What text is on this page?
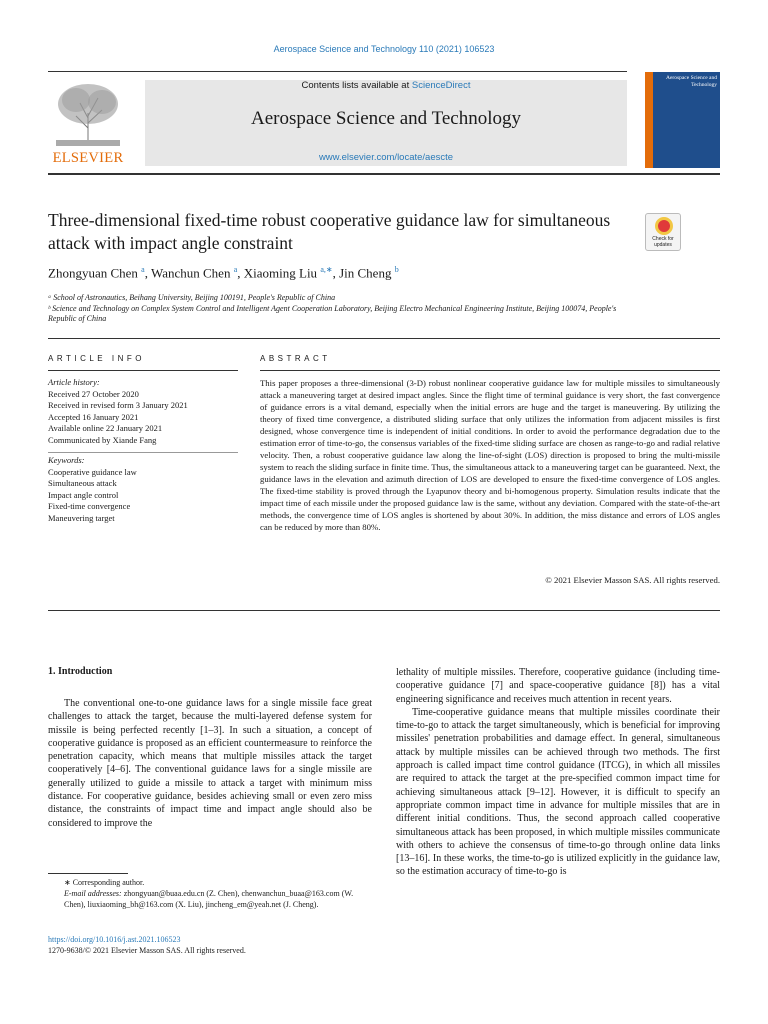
Aerospace Science and Technology 110 (2021) 106523
ELSEVIER
Contents lists available at ScienceDirect
Aerospace Science and Technology
www.elsevier.com/locate/aescte
Aerospace Science and Technology
Three-dimensional fixed-time robust cooperative guidance law for simultaneous attack with impact angle constraint	Check for updates
Zhongyuan Chen $^a$, Wanchun Chen $^a$, Xiaoming Liu $^{a,∗}$, Jin Cheng $^b$
ᵃ School of Astronautics, Beihang University, Beijing 100191, People's Republic of China
ᵇ Science and Technology on Complex System Control and Intelligent Agent Cooperation Laboratory, Beijing Electro Mechanical Engineering Institute, Beijing 100074, People's Republic of China
ARTICLE INFO	ABSTRACT
Article history:
Received 27 October 2020
Received in revised form 3 January 2021
Accepted 16 January 2021
Available online 22 January 2021
Communicated by Xiande Fang
Keywords:
Cooperative guidance law
Simultaneous attack
Impact angle control
Fixed-time convergence
Maneuvering target
This paper proposes a three-dimensional (3-D) robust nonlinear cooperative guidance law for multiple missiles to simultaneously attack a maneuvering target at desired impact angles. Since the flight time of terminal guidance is very short, the fast convergence of guidance errors is a vital demand, especially when the initial errors are huge and the target is maneuvering. By utilizing the theory of fixed time convergence, a distributed sliding surface that only utilizes the information from adjacent missiles is first designed, whose convergence time is independent of initial conditions. In order to avoid the performance degradation due to the estimation error of time-to-go, the consensus variables of the fixed-time sliding surface are chosen as range-to-go and radial relative velocity. Then, a robust cooperative guidance law along the line-of-sight (LOS) direction is proposed to bring the multi-missile system to reach the sliding surface in finite time. Thus, the simultaneous attack to a maneuvering target can be guaranteed. Next, the guidance laws in the elevation and azimuth direction of LOS are developed to ensure the fixed-time convergence of LOS angles. The fixed-time stability is proved through the Lyapunov theory and bi-homogenous property. Simulation results indicate that the impact time of each missile under the proposed guidance law is the same, without any deviation. Compared with the state-of-the-art methods, the convergence time of LOS angles is shortened by about 30%. In addition, the miss distance and errors of LOS angles can be reduced by more than 80%.
© 2021 Elsevier Masson SAS. All rights reserved.
1. Introduction

The conventional one-to-one guidance laws for a single missile face great challenges to attack the target, because the multi-layered defense system for missile is being perfected recently [1–3]. In such a situation, a concept of cooperative guidance is proposed as an efficient countermeasure to reinforce the penetration capacity, which means that multiple missiles attack the target cooperatively [4–6]. The conventional guidance laws for a single missile are generally utilized to guide a missile to attack a target with minimum miss distance. For cooperative guidance, besides achieving small or even zero miss distance, the constraints of impact time and impact angle should also be considered to improve the

lethality of multiple missiles. Therefore, cooperative guidance (including time-cooperative guidance [7] and space-cooperative guidance [8]) has a vital engineering significance and receives much attention in recent years.

Time-cooperative guidance means that multiple missiles coordinate their time-to-go to attack the target simultaneously, which is beneficial for improving missiles' penetration probabilities and damage effect. In general, simultaneous attack by multiple missiles can be achieved through two methods. The first approach is called impact time control guidance (ITCG), in which all missiles are required to attack the target at the pre-specified common impact time for achieving simultaneous attack [9–12]. However, it is difficult to specify an appropriate common impact time in advance for multiple missiles that are in different initial conditions. Thus, the second approach called cooperative simultaneous attack has been proposed, in which multiple missiles communicate with others to achieve the consensus of time-to-go through online data links [13–16]. In these works, the time-to-go is utilized explicitly in the guidance law, so the estimation accuracy of time-to-go is

∗ Corresponding author.
E-mail addresses: zhongyuan@buaa.edu.cn (Z. Chen), chenwanchun_buaa@163.com (W. Chen), liuxiaoming_bh@163.com (X. Liu), jincheng_em@yeah.net (J. Cheng).
https://doi.org/10.1016/j.ast.2021.106523
1270-9638/© 2021 Elsevier Masson SAS. All rights reserved.
